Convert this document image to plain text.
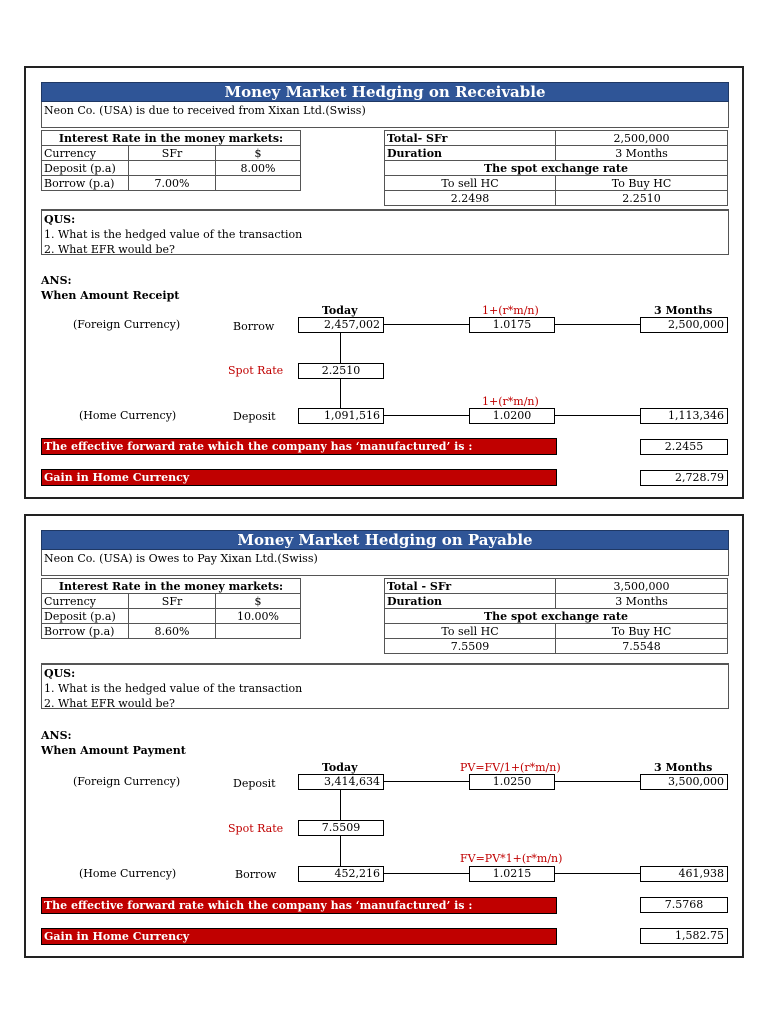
Money Market Hedging on Receivable
Neon Co. (USA) is due to received from Xixan Ltd.(Swiss)
Interest Rate in the money markets:		
Currency	SFr	$
Deposit (p.a)		8.00%
Borrow (p.a)	7.00%	
Total- SFr	2,500,000
Duration	3 Months
The spot exchange rate	
To sell HC	To Buy HC
2.2498	2.2510
QUS:
1. What is the hedged value of the transaction
2. What EFR would be?
ANS:
When Amount Receipt
Today	1+(r*m/n)	3 Months
(Foreign Currency)	Borrow	2,457,002	1.0175	2,500,000
Spot Rate	2.2510
1+(r*m/n)
(Home Currency)	Deposit	1,091,516	1.0200	1,113,346
The effective forward rate which the company has ‘manufactured’ is :	2.2455
Gain in Home Currency	2,728.79
Money Market Hedging on Payable
Neon Co. (USA) is Owes to Pay Xixan Ltd.(Swiss)
Interest Rate in the money markets:		
Currency	SFr	$
Deposit (p.a)		10.00%
Borrow (p.a)	8.60%	
Total - SFr	3,500,000
Duration	3 Months
The spot exchange rate	
To sell HC	To Buy HC
7.5509	7.5548
QUS:
1. What is the hedged value of the transaction
2. What EFR would be?
ANS:
When Amount Payment
Today	PV=FV/1+(r*m/n)	3 Months
(Foreign Currency)	Deposit	3,414,634	1.0250	3,500,000
Spot Rate	7.5509
FV=PV*1+(r*m/n)
(Home Currency)	Borrow	452,216	1.0215	461,938
The effective forward rate which the company has ‘manufactured’ is :	7.5768
Gain in Home Currency	1,582.75
